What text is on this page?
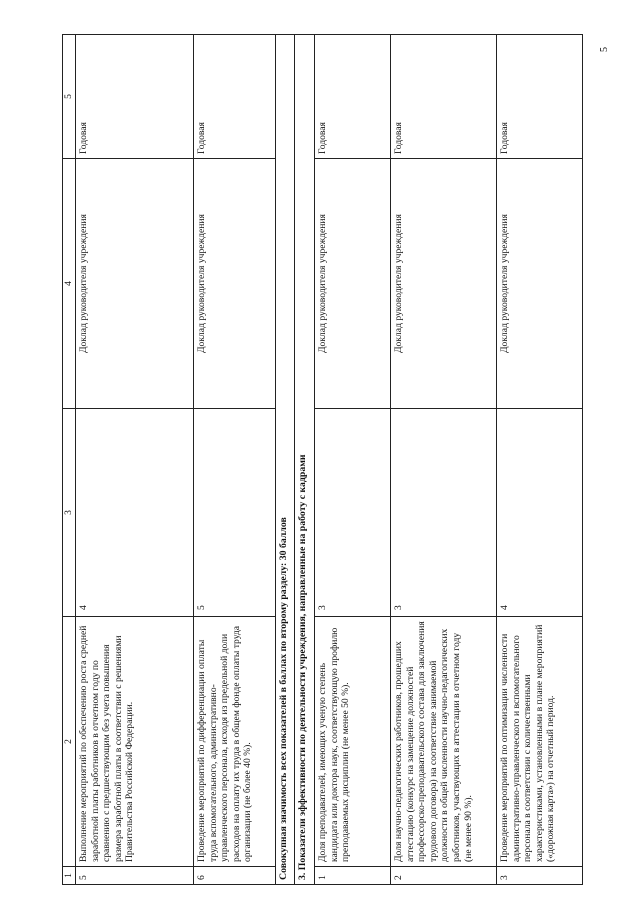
5
1	2	3	4	5
5	Выполнение мероприятий по обеспечению роста средней заработной платы работников в отчетном году по сравнению с предшествующим без учета повышения размера заработной платы в соответствии с решениями Правительства Российской Федерации.	4	Доклад руководителя учреждения	Годовая
6	Проведение мероприятий по дифференциации оплаты труда вспомогательного, административно-управленческого персонала, исходя из предельной доли расходов на оплату их труда в общем фонде оплаты труда организации (не более 40 %).	5	Доклад руководителя учреждения	Годовая
Совокупная значимость всех показателей в баллах по второму разделу: 30 баллов				
3. Показатели эффективности по деятельности учреждения, направленные на работу с кадрами				
1	Доля преподавателей, имеющих ученую степень кандидата или доктора наук, соответствующую профилю преподаваемых дисциплин (не менее 50 %).	3	Доклад руководителя учреждения	Годовая
2	Доля научно-педагогических работников, прошедших аттестацию (конкурс на замещение должностей профессорско-преподавательского состава для заключения трудового договора) на соответствие занимаемой должности в общей численности научно-педагогических работников, участвующих в аттестации в отчетном году (не менее 90 %).	3	Доклад руководителя учреждения	Годовая
3	Проведение мероприятий по оптимизации численности административно-управленческого и вспомогательного персонала в соответствии с количественными характеристиками, установленными в плане мероприятий («дорожная карта») на отчетный период.	4	Доклад руководителя учреждения	Годовая
